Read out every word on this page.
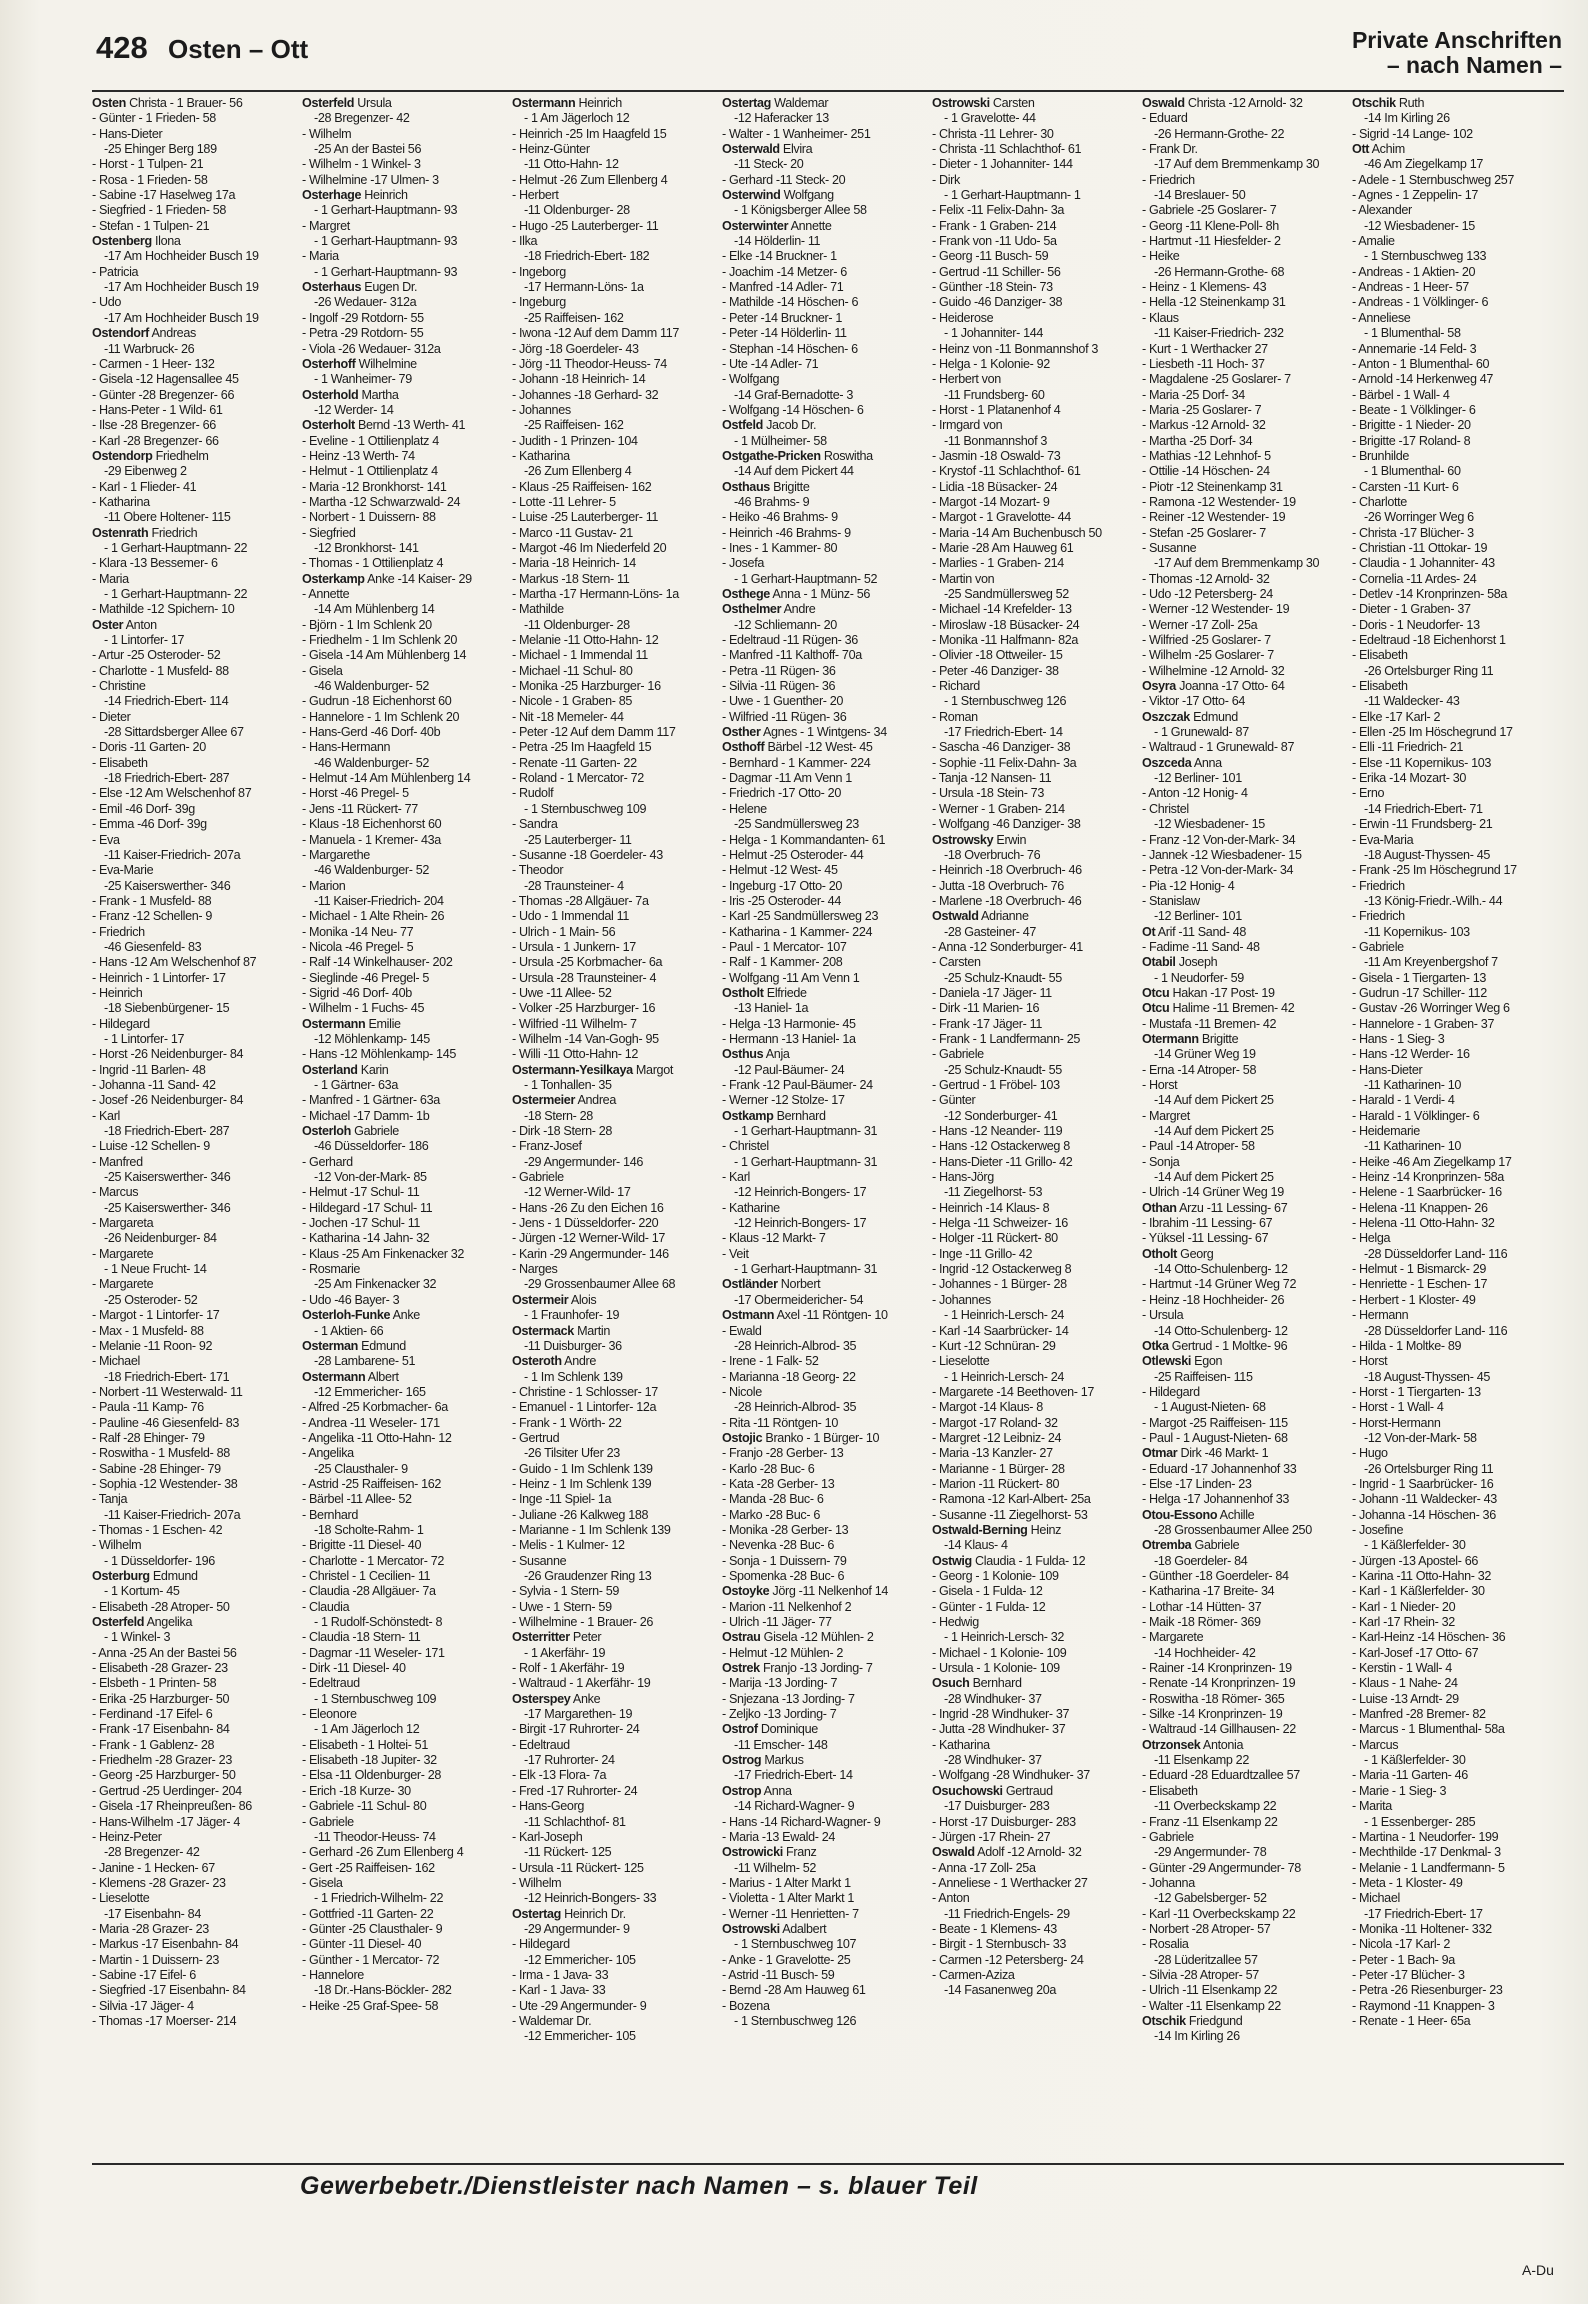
428 Osten – Ott	Private Anschriften
– nach Namen –
Osten Christa - 1 Brauer- 56
- Günter - 1 Frieden- 58
- Hans-Dieter
-25 Ehinger Berg 189
- Horst - 1 Tulpen- 21
- Rosa - 1 Frieden- 58
- Sabine -17 Haselweg 17a
- Siegfried - 1 Frieden- 58
- Stefan - 1 Tulpen- 21
Ostenberg Ilona
-17 Am Hochheider Busch 19
- Patricia
-17 Am Hochheider Busch 19
- Udo
-17 Am Hochheider Busch 19
Ostendorf Andreas
-11 Warbruck- 26
- Carmen - 1 Heer- 132
- Gisela -12 Hagensallee 45
- Günter -28 Bregenzer- 66
- Hans-Peter - 1 Wild- 61
- Ilse -28 Bregenzer- 66
- Karl -28 Bregenzer- 66
Ostendorp Friedhelm
-29 Eibenweg 2
- Karl - 1 Flieder- 41
- Katharina
-11 Obere Holtener- 115
Ostenrath Friedrich
- 1 Gerhart-Hauptmann- 22
- Klara -13 Bessemer- 6
- Maria
- 1 Gerhart-Hauptmann- 22
- Mathilde -12 Spichern- 10
Oster Anton
- 1 Lintorfer- 17
- Artur -25 Osteroder- 52
- Charlotte - 1 Musfeld- 88
- Christine
-14 Friedrich-Ebert- 114
- Dieter
-28 Sittardsberger Allee 67
- Doris -11 Garten- 20
- Elisabeth
-18 Friedrich-Ebert- 287
- Else -12 Am Welschenhof 87
- Emil -46 Dorf- 39g
- Emma -46 Dorf- 39g
- Eva
-11 Kaiser-Friedrich- 207a
- Eva-Marie
-25 Kaiserswerther- 346
- Frank - 1 Musfeld- 88
- Franz -12 Schellen- 9
- Friedrich
-46 Giesenfeld- 83
- Hans -12 Am Welschenhof 87
- Heinrich - 1 Lintorfer- 17
- Heinrich
-18 Siebenbürgener- 15
- Hildegard
- 1 Lintorfer- 17
- Horst -26 Neidenburger- 84
- Ingrid -11 Barlen- 48
- Johanna -11 Sand- 42
- Josef -26 Neidenburger- 84
- Karl
-18 Friedrich-Ebert- 287
- Luise -12 Schellen- 9
- Manfred
-25 Kaiserswerther- 346
- Marcus
-25 Kaiserswerther- 346
- Margareta
-26 Neidenburger- 84
- Margarete
- 1 Neue Frucht- 14
- Margarete
-25 Osteroder- 52
- Margot - 1 Lintorfer- 17
- Max - 1 Musfeld- 88
- Melanie -11 Roon- 92
- Michael
-18 Friedrich-Ebert- 171
- Norbert -11 Westerwald- 11
- Paula -11 Kamp- 76
- Pauline -46 Giesenfeld- 83
- Ralf -28 Ehinger- 79
- Roswitha - 1 Musfeld- 88
- Sabine -28 Ehinger- 79
- Sophia -12 Westender- 38
- Tanja
-11 Kaiser-Friedrich- 207a
- Thomas - 1 Eschen- 42
- Wilhelm
- 1 Düsseldorfer- 196
Osterburg Edmund
- 1 Kortum- 45
- Elisabeth -28 Atroper- 50
Osterfeld Angelika
- 1 Winkel- 3
- Anna -25 An der Bastei 56
- Elisabeth -28 Grazer- 23
- Elsbeth - 1 Printen- 58
- Erika -25 Harzburger- 50
- Ferdinand -17 Eifel- 6
- Frank -17 Eisenbahn- 84
- Frank - 1 Gablenz- 28
- Friedhelm -28 Grazer- 23
- Georg -25 Harzburger- 50
- Gertrud -25 Uerdinger- 204
- Gisela -17 Rheinpreußen- 86
- Hans-Wilhelm -17 Jäger- 4
- Heinz-Peter
-28 Bregenzer- 42
- Janine - 1 Hecken- 67
- Klemens -28 Grazer- 23
- Lieselotte
-17 Eisenbahn- 84
- Maria -28 Grazer- 23
- Markus -17 Eisenbahn- 84
- Martin - 1 Duissern- 23
- Sabine -17 Eifel- 6
- Siegfried -17 Eisenbahn- 84
- Silvia -17 Jäger- 4
- Thomas -17 Moerser- 214
Osterfeld Ursula
-28 Bregenzer- 42
- Wilhelm
-25 An der Bastei 56
- Wilhelm - 1 Winkel- 3
- Wilhelmine -17 Ulmen- 3
Osterhage Heinrich
- 1 Gerhart-Hauptmann- 93
- Margret
- 1 Gerhart-Hauptmann- 93
- Maria
- 1 Gerhart-Hauptmann- 93
Osterhaus Eugen Dr.
-26 Wedauer- 312a
- Ingolf -29 Rotdorn- 55
- Petra -29 Rotdorn- 55
- Viola -26 Wedauer- 312a
Osterhoff Wilhelmine
- 1 Wanheimer- 79
Osterhold Martha
-12 Werder- 14
Osterholt Bernd -13 Werth- 41
- Eveline - 1 Ottilienplatz 4
- Heinz -13 Werth- 74
- Helmut - 1 Ottilienplatz 4
- Maria -12 Bronkhorst- 141
- Martha -12 Schwarzwald- 24
- Norbert - 1 Duissern- 88
- Siegfried
-12 Bronkhorst- 141
- Thomas - 1 Ottilienplatz 4
Osterkamp Anke -14 Kaiser- 29
- Annette
-14 Am Mühlenberg 14
- Björn - 1 Im Schlenk 20
- Friedhelm - 1 Im Schlenk 20
- Gisela -14 Am Mühlenberg 14
- Gisela
-46 Waldenburger- 52
- Gudrun -18 Eichenhorst 60
- Hannelore - 1 Im Schlenk 20
- Hans-Gerd -46 Dorf- 40b
- Hans-Hermann
-46 Waldenburger- 52
- Helmut -14 Am Mühlenberg 14
- Horst -46 Pregel- 5
- Jens -11 Rückert- 77
- Klaus -18 Eichenhorst 60
- Manuela - 1 Kremer- 43a
- Margarethe
-46 Waldenburger- 52
- Marion
-11 Kaiser-Friedrich- 204
- Michael - 1 Alte Rhein- 26
- Monika -14 Neu- 77
- Nicola -46 Pregel- 5
- Ralf -14 Winkelhauser- 202
- Sieglinde -46 Pregel- 5
- Sigrid -46 Dorf- 40b
- Wilhelm - 1 Fuchs- 45
Ostermann Emilie
-12 Möhlenkamp- 145
- Hans -12 Möhlenkamp- 145
Osterland Karin
- 1 Gärtner- 63a
- Manfred - 1 Gärtner- 63a
- Michael -17 Damm- 1b
Osterloh Gabriele
-46 Düsseldorfer- 186
- Gerhard
-12 Von-der-Mark- 85
- Helmut -17 Schul- 11
- Hildegard -17 Schul- 11
- Jochen -17 Schul- 11
- Katharina -14 Jahn- 32
- Klaus -25 Am Finkenacker 32
- Rosmarie
-25 Am Finkenacker 32
- Udo -46 Bayer- 3
Osterloh-Funke Anke
- 1 Aktien- 66
Osterman Edmund
-28 Lambarene- 51
Ostermann Albert
-12 Emmericher- 165
- Alfred -25 Korbmacher- 6a
- Andrea -11 Weseler- 171
- Angelika -11 Otto-Hahn- 12
- Angelika
-25 Clausthaler- 9
- Astrid -25 Raiffeisen- 162
- Bärbel -11 Allee- 52
- Bernhard
-18 Scholte-Rahm- 1
- Brigitte -11 Diesel- 40
- Charlotte - 1 Mercator- 72
- Christel - 1 Cecilien- 11
- Claudia -28 Allgäuer- 7a
- Claudia
- 1 Rudolf-Schönstedt- 8
- Claudia -18 Stern- 11
- Dagmar -11 Weseler- 171
- Dirk -11 Diesel- 40
- Edeltraud
- 1 Sternbuschweg 109
- Eleonore
- 1 Am Jägerloch 12
- Elisabeth - 1 Holtei- 51
- Elisabeth -18 Jupiter- 32
- Elsa -11 Oldenburger- 28
- Erich -18 Kurze- 30
- Gabriele -11 Schul- 80
- Gabriele
-11 Theodor-Heuss- 74
- Gerhard -26 Zum Ellenberg 4
- Gert -25 Raiffeisen- 162
- Gisela
- 1 Friedrich-Wilhelm- 22
- Gottfried -11 Garten- 22
- Günter -25 Clausthaler- 9
- Günter -11 Diesel- 40
- Günther - 1 Mercator- 72
- Hannelore
-18 Dr.-Hans-Böckler- 282
- Heike -25 Graf-Spee- 58
Ostermann Heinrich
- 1 Am Jägerloch 12
- Heinrich -25 Im Haagfeld 15
- Heinz-Günter
-11 Otto-Hahn- 12
- Helmut -26 Zum Ellenberg 4
- Herbert
-11 Oldenburger- 28
- Hugo -25 Lauterberger- 11
- Ilka
-18 Friedrich-Ebert- 182
- Ingeborg
-17 Hermann-Löns- 1a
- Ingeburg
-25 Raiffeisen- 162
- Iwona -12 Auf dem Damm 117
- Jörg -18 Goerdeler- 43
- Jörg -11 Theodor-Heuss- 74
- Johann -18 Heinrich- 14
- Johannes -18 Gerhard- 32
- Johannes
-25 Raiffeisen- 162
- Judith - 1 Prinzen- 104
- Katharina
-26 Zum Ellenberg 4
- Klaus -25 Raiffeisen- 162
- Lotte -11 Lehrer- 5
- Luise -25 Lauterberger- 11
- Marco -11 Gustav- 21
- Margot -46 Im Niederfeld 20
- Maria -18 Heinrich- 14
- Markus -18 Stern- 11
- Martha -17 Hermann-Löns- 1a
- Mathilde
-11 Oldenburger- 28
- Melanie -11 Otto-Hahn- 12
- Michael - 1 Immendal 11
- Michael -11 Schul- 80
- Monika -25 Harzburger- 16
- Nicole - 1 Graben- 85
- Nit -18 Memeler- 44
- Peter -12 Auf dem Damm 117
- Petra -25 Im Haagfeld 15
- Renate -11 Garten- 22
- Roland - 1 Mercator- 72
- Rudolf
- 1 Sternbuschweg 109
- Sandra
-25 Lauterberger- 11
- Susanne -18 Goerdeler- 43
- Theodor
-28 Traunsteiner- 4
- Thomas -28 Allgäuer- 7a
- Udo - 1 Immendal 11
- Ulrich - 1 Main- 56
- Ursula - 1 Junkern- 17
- Ursula -25 Korbmacher- 6a
- Ursula -28 Traunsteiner- 4
- Uwe -11 Allee- 52
- Volker -25 Harzburger- 16
- Wilfried -11 Wilhelm- 7
- Wilhelm -14 Van-Gogh- 95
- Willi -11 Otto-Hahn- 12
Ostermann-Yesilkaya Margot
- 1 Tonhallen- 35
Ostermeier Andrea
-18 Stern- 28
- Dirk -18 Stern- 28
- Franz-Josef
-29 Angermunder- 146
- Gabriele
-12 Werner-Wild- 17
- Hans -26 Zu den Eichen 16
- Jens - 1 Düsseldorfer- 220
- Jürgen -12 Werner-Wild- 17
- Karin -29 Angermunder- 146
- Narges
-29 Grossenbaumer Allee 68
Ostermeir Alois
- 1 Fraunhofer- 19
Ostermack Martin
-11 Duisburger- 36
Osteroth Andre
- 1 Im Schlenk 139
- Christine - 1 Schlosser- 17
- Emanuel - 1 Lintorfer- 12a
- Frank - 1 Wörth- 22
- Gertrud
-26 Tilsiter Ufer 23
- Guido - 1 Im Schlenk 139
- Heinz - 1 Im Schlenk 139
- Inge -11 Spiel- 1a
- Juliane -26 Kalkweg 188
- Marianne - 1 Im Schlenk 139
- Melis - 1 Kulmer- 12
- Susanne
-26 Graudenzer Ring 13
- Sylvia - 1 Stern- 59
- Uwe - 1 Stern- 59
- Wilhelmine - 1 Brauer- 26
Osterritter Peter
- 1 Akerfähr- 19
- Rolf - 1 Akerfähr- 19
- Waltraud - 1 Akerfähr- 19
Osterspey Anke
-17 Margarethen- 19
- Birgit -17 Ruhrorter- 24
- Edeltraud
-17 Ruhrorter- 24
- Elk -13 Flora- 7a
- Fred -17 Ruhrorter- 24
- Hans-Georg
-11 Schlachthof- 81
- Karl-Joseph
-11 Rückert- 125
- Ursula -11 Rückert- 125
- Wilhelm
-12 Heinrich-Bongers- 33
Ostertag Heinrich Dr.
-29 Angermunder- 9
- Hildegard
-12 Emmericher- 105
- Irma - 1 Java- 33
- Karl - 1 Java- 33
- Ute -29 Angermunder- 9
- Waldemar Dr.
-12 Emmericher- 105
Ostertag Waldemar
-12 Haferacker 13
- Walter - 1 Wanheimer- 251
Osterwald Elvira
-11 Steck- 20
- Gerhard -11 Steck- 20
Osterwind Wolfgang
- 1 Königsberger Allee 58
Osterwinter Annette
-14 Hölderlin- 11
- Elke -14 Bruckner- 1
- Joachim -14 Metzer- 6
- Manfred -14 Adler- 71
- Mathilde -14 Höschen- 6
- Peter -14 Bruckner- 1
- Peter -14 Hölderlin- 11
- Stephan -14 Höschen- 6
- Ute -14 Adler- 71
- Wolfgang
-14 Graf-Bernadotte- 3
- Wolfgang -14 Höschen- 6
Ostfeld Jacob Dr.
- 1 Mülheimer- 58
Ostgathe-Pricken Roswitha
-14 Auf dem Pickert 44
Osthaus Brigitte
-46 Brahms- 9
- Heiko -46 Brahms- 9
- Heinrich -46 Brahms- 9
- Ines - 1 Kammer- 80
- Josefa
- 1 Gerhart-Hauptmann- 52
Osthege Anna - 1 Münz- 56
Osthelmer Andre
-12 Schliemann- 20
- Edeltraud -11 Rügen- 36
- Manfred -11 Kalthoff- 70a
- Petra -11 Rügen- 36
- Silvia -11 Rügen- 36
- Uwe - 1 Guenther- 20
- Wilfried -11 Rügen- 36
Osther Agnes - 1 Wintgens- 34
Osthoff Bärbel -12 West- 45
- Bernhard - 1 Kammer- 224
- Dagmar -11 Am Venn 1
- Friedrich -17 Otto- 20
- Helene
-25 Sandmüllersweg 23
- Helga - 1 Kommandanten- 61
- Helmut -25 Osteroder- 44
- Helmut -12 West- 45
- Ingeburg -17 Otto- 20
- Iris -25 Osteroder- 44
- Karl -25 Sandmüllersweg 23
- Katharina - 1 Kammer- 224
- Paul - 1 Mercator- 107
- Ralf - 1 Kammer- 208
- Wolfgang -11 Am Venn 1
Ostholt Elfriede
-13 Haniel- 1a
- Helga -13 Harmonie- 45
- Hermann -13 Haniel- 1a
Osthus Anja
-12 Paul-Bäumer- 24
- Frank -12 Paul-Bäumer- 24
- Werner -12 Stolze- 17
Ostkamp Bernhard
- 1 Gerhart-Hauptmann- 31
- Christel
- 1 Gerhart-Hauptmann- 31
- Karl
-12 Heinrich-Bongers- 17
- Katharine
-12 Heinrich-Bongers- 17
- Klaus -12 Markt- 7
- Veit
- 1 Gerhart-Hauptmann- 31
Ostländer Norbert
-17 Obermeidericher- 54
Ostmann Axel -11 Röntgen- 10
- Ewald
-28 Heinrich-Albrod- 35
- Irene - 1 Falk- 52
- Marianna -18 Georg- 22
- Nicole
-28 Heinrich-Albrod- 35
- Rita -11 Röntgen- 10
Ostojic Branko - 1 Bürger- 10
- Franjo -28 Gerber- 13
- Karlo -28 Buc- 6
- Kata -28 Gerber- 13
- Manda -28 Buc- 6
- Marko -28 Buc- 6
- Monika -28 Gerber- 13
- Nevenka -28 Buc- 6
- Sonja - 1 Duissern- 79
- Spomenka -28 Buc- 6
Ostoyke Jörg -11 Nelkenhof 14
- Marion -11 Nelkenhof 2
- Ulrich -11 Jäger- 77
Ostrau Gisela -12 Mühlen- 2
- Helmut -12 Mühlen- 2
Ostrek Franjo -13 Jording- 7
- Marija -13 Jording- 7
- Snjezana -13 Jording- 7
- Zeljko -13 Jording- 7
Ostrof Dominique
-11 Emscher- 148
Ostrog Markus
-17 Friedrich-Ebert- 14
Ostrop Anna
-14 Richard-Wagner- 9
- Hans -14 Richard-Wagner- 9
- Maria -13 Ewald- 24
Ostrowicki Franz
-11 Wilhelm- 52
- Marius - 1 Alter Markt 1
- Violetta - 1 Alter Markt 1
- Werner -11 Henrietten- 7
Ostrowski Adalbert
- 1 Sternbuschweg 107
- Anke - 1 Gravelotte- 25
- Astrid -11 Busch- 59
- Bernd -28 Am Hauweg 61
- Bozena
- 1 Sternbuschweg 126
Ostrowski Carsten
- 1 Gravelotte- 44
- Christa -11 Lehrer- 30
- Christa -11 Schlachthof- 61
- Dieter - 1 Johanniter- 144
- Dirk
- 1 Gerhart-Hauptmann- 1
- Felix -11 Felix-Dahn- 3a
- Frank - 1 Graben- 214
- Frank von -11 Udo- 5a
- Georg -11 Busch- 59
- Gertrud -11 Schiller- 56
- Günther -18 Stein- 73
- Guido -46 Danziger- 38
- Heiderose
- 1 Johanniter- 144
- Heinz von -11 Bonmannshof 3
- Helga - 1 Kolonie- 92
- Herbert von
-11 Frundsberg- 60
- Horst - 1 Platanenhof 4
- Irmgard von
-11 Bonmannshof 3
- Jasmin -18 Oswald- 73
- Krystof -11 Schlachthof- 61
- Lidia -18 Büsacker- 24
- Margot -14 Mozart- 9
- Margot - 1 Gravelotte- 44
- Maria -14 Am Buchenbusch 50
- Marie -28 Am Hauweg 61
- Marlies - 1 Graben- 214
- Martin von
-25 Sandmüllersweg 52
- Michael -14 Krefelder- 13
- Miroslaw -18 Büsacker- 24
- Monika -11 Halfmann- 82a
- Olivier -18 Ottweiler- 15
- Peter -46 Danziger- 38
- Richard
- 1 Sternbuschweg 126
- Roman
-17 Friedrich-Ebert- 14
- Sascha -46 Danziger- 38
- Sophie -11 Felix-Dahn- 3a
- Tanja -12 Nansen- 11
- Ursula -18 Stein- 73
- Werner - 1 Graben- 214
- Wolfgang -46 Danziger- 38
Ostrowsky Erwin
-18 Overbruch- 76
- Heinrich -18 Overbruch- 46
- Jutta -18 Overbruch- 76
- Marlene -18 Overbruch- 46
Ostwald Adrianne
-28 Gasteiner- 47
- Anna -12 Sonderburger- 41
- Carsten
-25 Schulz-Knaudt- 55
- Daniela -17 Jäger- 11
- Dirk -11 Marien- 16
- Frank -17 Jäger- 11
- Frank - 1 Landfermann- 25
- Gabriele
-25 Schulz-Knaudt- 55
- Gertrud - 1 Fröbel- 103
- Günter
-12 Sonderburger- 41
- Hans -12 Neander- 119
- Hans -12 Ostackerweg 8
- Hans-Dieter -11 Grillo- 42
- Hans-Jörg
-11 Ziegelhorst- 53
- Heinrich -14 Klaus- 8
- Helga -11 Schweizer- 16
- Holger -11 Rückert- 80
- Inge -11 Grillo- 42
- Ingrid -12 Ostackerweg 8
- Johannes - 1 Bürger- 28
- Johannes
- 1 Heinrich-Lersch- 24
- Karl -14 Saarbrücker- 14
- Kurt -12 Schnüran- 29
- Lieselotte
- 1 Heinrich-Lersch- 24
- Margarete -14 Beethoven- 17
- Margot -14 Klaus- 8
- Margot -17 Roland- 32
- Margret -12 Leibniz- 24
- Maria -13 Kanzler- 27
- Marianne - 1 Bürger- 28
- Marion -11 Rückert- 80
- Ramona -12 Karl-Albert- 25a
- Susanne -11 Ziegelhorst- 53
Ostwald-Berning Heinz
-14 Klaus- 4
Ostwig Claudia - 1 Fulda- 12
- Georg - 1 Kolonie- 109
- Gisela - 1 Fulda- 12
- Günter - 1 Fulda- 12
- Hedwig
- 1 Heinrich-Lersch- 32
- Michael - 1 Kolonie- 109
- Ursula - 1 Kolonie- 109
Osuch Bernhard
-28 Windhuker- 37
- Ingrid -28 Windhuker- 37
- Jutta -28 Windhuker- 37
- Katharina
-28 Windhuker- 37
- Wolfgang -28 Windhuker- 37
Osuchowski Gertraud
-17 Duisburger- 283
- Horst -17 Duisburger- 283
- Jürgen -17 Rhein- 27
Oswald Adolf -12 Arnold- 32
- Anna -17 Zoll- 25a
- Anneliese - 1 Werthacker 27
- Anton
-11 Friedrich-Engels- 29
- Beate - 1 Klemens- 43
- Birgit - 1 Sternbusch- 33
- Carmen -12 Petersberg- 24
- Carmen-Aziza
-14 Fasanenweg 20a
Oswald Christa -12 Arnold- 32
- Eduard
-26 Hermann-Grothe- 22
- Frank Dr.
-17 Auf dem Bremmenkamp 30
- Friedrich
-14 Breslauer- 50
- Gabriele -25 Goslarer- 7
- Georg -11 Klene-Poll- 8h
- Hartmut -11 Hiesfelder- 2
- Heike
-26 Hermann-Grothe- 68
- Heinz - 1 Klemens- 43
- Hella -12 Steinenkamp 31
- Klaus
-11 Kaiser-Friedrich- 232
- Kurt - 1 Werthacker 27
- Liesbeth -11 Hoch- 37
- Magdalene -25 Goslarer- 7
- Maria -25 Dorf- 34
- Maria -25 Goslarer- 7
- Markus -12 Arnold- 32
- Martha -25 Dorf- 34
- Mathias -12 Lehnhof- 5
- Ottilie -14 Höschen- 24
- Piotr -12 Steinenkamp 31
- Ramona -12 Westender- 19
- Reiner -12 Westender- 19
- Stefan -25 Goslarer- 7
- Susanne
-17 Auf dem Bremmenkamp 30
- Thomas -12 Arnold- 32
- Udo -12 Petersberg- 24
- Werner -12 Westender- 19
- Werner -17 Zoll- 25a
- Wilfried -25 Goslarer- 7
- Wilhelm -25 Goslarer- 7
- Wilhelmine -12 Arnold- 32
Osyra Joanna -17 Otto- 64
- Viktor -17 Otto- 64
Oszczak Edmund
- 1 Grunewald- 87
- Waltraud - 1 Grunewald- 87
Oszceda Anna
-12 Berliner- 101
- Anton -12 Honig- 4
- Christel
-12 Wiesbadener- 15
- Franz -12 Von-der-Mark- 34
- Jannek -12 Wiesbadener- 15
- Petra -12 Von-der-Mark- 34
- Pia -12 Honig- 4
- Stanislaw
-12 Berliner- 101
Ot Arif -11 Sand- 48
- Fadime -11 Sand- 48
Otabil Joseph
- 1 Neudorfer- 59
Otcu Hakan -17 Post- 19
Otcu Halime -11 Bremen- 42
- Mustafa -11 Bremen- 42
Otermann Brigitte
-14 Grüner Weg 19
- Erna -14 Atroper- 58
- Horst
-14 Auf dem Pickert 25
- Margret
-14 Auf dem Pickert 25
- Paul -14 Atroper- 58
- Sonja
-14 Auf dem Pickert 25
- Ulrich -14 Grüner Weg 19
Othan Arzu -11 Lessing- 67
- Ibrahim -11 Lessing- 67
- Yüksel -11 Lessing- 67
Otholt Georg
-14 Otto-Schulenberg- 12
- Hartmut -14 Grüner Weg 72
- Heinz -18 Hochheider- 26
- Ursula
-14 Otto-Schulenberg- 12
Otka Gertrud - 1 Moltke- 96
Otlewski Egon
-25 Raiffeisen- 115
- Hildegard
- 1 August-Nieten- 68
- Margot -25 Raiffeisen- 115
- Paul - 1 August-Nieten- 68
Otmar Dirk -46 Markt- 1
- Eduard -17 Johannenhof 33
- Else -17 Linden- 23
- Helga -17 Johannenhof 33
Otou-Essono Achille
-28 Grossenbaumer Allee 250
Otremba Gabriele
-18 Goerdeler- 84
- Günther -18 Goerdeler- 84
- Katharina -17 Breite- 34
- Lothar -14 Hütten- 37
- Maik -18 Römer- 369
- Margarete
-14 Hochheider- 42
- Rainer -14 Kronprinzen- 19
- Renate -14 Kronprinzen- 19
- Roswitha -18 Römer- 365
- Silke -14 Kronprinzen- 19
- Waltraud -14 Gillhausen- 22
Otrzonsek Antonia
-11 Elsenkamp 22
- Eduard -28 Eduardtzallee 57
- Elisabeth
-11 Overbeckskamp 22
- Franz -11 Elsenkamp 22
- Gabriele
-29 Angermunder- 78
- Günter -29 Angermunder- 78
- Johanna
-12 Gabelsberger- 52
- Karl -11 Overbeckskamp 22
- Norbert -28 Atroper- 57
- Rosalia
-28 Lüderitzallee 57
- Silvia -28 Atroper- 57
- Ulrich -11 Elsenkamp 22
- Walter -11 Elsenkamp 22
Otschik Friedgund
-14 Im Kirling 26
Otschik Ruth
-14 Im Kirling 26
- Sigrid -14 Lange- 102
Ott Achim
-46 Am Ziegelkamp 17
- Adele - 1 Sternbuschweg 257
- Agnes - 1 Zeppelin- 17
- Alexander
-12 Wiesbadener- 15
- Amalie
- 1 Sternbuschweg 133
- Andreas - 1 Aktien- 20
- Andreas - 1 Heer- 57
- Andreas - 1 Völklinger- 6
- Anneliese
- 1 Blumenthal- 58
- Annemarie -14 Feld- 3
- Anton - 1 Blumenthal- 60
- Arnold -14 Herkenweg 47
- Bärbel - 1 Wall- 4
- Beate - 1 Völklinger- 6
- Brigitte - 1 Nieder- 20
- Brigitte -17 Roland- 8
- Brunhilde
- 1 Blumenthal- 60
- Carsten -11 Kurt- 6
- Charlotte
-26 Worringer Weg 6
- Christa -17 Blücher- 3
- Christian -11 Ottokar- 19
- Claudia - 1 Johanniter- 43
- Cornelia -11 Ardes- 24
- Detlev -14 Kronprinzen- 58a
- Dieter - 1 Graben- 37
- Doris - 1 Neudorfer- 13
- Edeltraud -18 Eichenhorst 1
- Elisabeth
-26 Ortelsburger Ring 11
- Elisabeth
-11 Waldecker- 43
- Elke -17 Karl- 2
- Ellen -25 Im Höschegrund 17
- Elli -11 Friedrich- 21
- Else -11 Kopernikus- 103
- Erika -14 Mozart- 30
- Erno
-14 Friedrich-Ebert- 71
- Erwin -11 Frundsberg- 21
- Eva-Maria
-18 August-Thyssen- 45
- Frank -25 Im Höschegrund 17
- Friedrich
-13 König-Friedr.-Wilh.- 44
- Friedrich
-11 Kopernikus- 103
- Gabriele
-11 Am Kreyenbergshof 7
- Gisela - 1 Tiergarten- 13
- Gudrun -17 Schiller- 112
- Gustav -26 Worringer Weg 6
- Hannelore - 1 Graben- 37
- Hans - 1 Sieg- 3
- Hans -12 Werder- 16
- Hans-Dieter
-11 Katharinen- 10
- Harald - 1 Verdi- 4
- Harald - 1 Völklinger- 6
- Heidemarie
-11 Katharinen- 10
- Heike -46 Am Ziegelkamp 17
- Heinz -14 Kronprinzen- 58a
- Helene - 1 Saarbrücker- 16
- Helena -11 Knappen- 26
- Helena -11 Otto-Hahn- 32
- Helga
-28 Düsseldorfer Land- 116
- Helmut - 1 Bismarck- 29
- Henriette - 1 Eschen- 17
- Herbert - 1 Kloster- 49
- Hermann
-28 Düsseldorfer Land- 116
- Hilda - 1 Moltke- 89
- Horst
-18 August-Thyssen- 45
- Horst - 1 Tiergarten- 13
- Horst - 1 Wall- 4
- Horst-Hermann
-12 Von-der-Mark- 58
- Hugo
-26 Ortelsburger Ring 11
- Ingrid - 1 Saarbrücker- 16
- Johann -11 Waldecker- 43
- Johanna -14 Höschen- 36
- Josefine
- 1 Käßlerfelder- 30
- Jürgen -13 Apostel- 66
- Karina -11 Otto-Hahn- 32
- Karl - 1 Käßlerfelder- 30
- Karl - 1 Nieder- 20
- Karl -17 Rhein- 32
- Karl-Heinz -14 Höschen- 36
- Karl-Josef -17 Otto- 67
- Kerstin - 1 Wall- 4
- Klaus - 1 Nahe- 24
- Luise -13 Arndt- 29
- Manfred -28 Bremer- 82
- Marcus - 1 Blumenthal- 58a
- Marcus
- 1 Käßlerfelder- 30
- Maria -11 Garten- 46
- Marie - 1 Sieg- 3
- Marita
- 1 Essenberger- 285
- Martina - 1 Neudorfer- 199
- Mechthilde -17 Denkmal- 3
- Melanie - 1 Landfermann- 5
- Meta - 1 Kloster- 49
- Michael
-17 Friedrich-Ebert- 17
- Monika -11 Holtener- 332
- Nicola -17 Karl- 2
- Peter - 1 Bach- 9a
- Peter -17 Blücher- 3
- Petra -26 Riesenburger- 23
- Raymond -11 Knappen- 3
- Renate - 1 Heer- 65a
Gewerbebetr./Dienstleister nach Namen – s. blauer Teil
A-Du
